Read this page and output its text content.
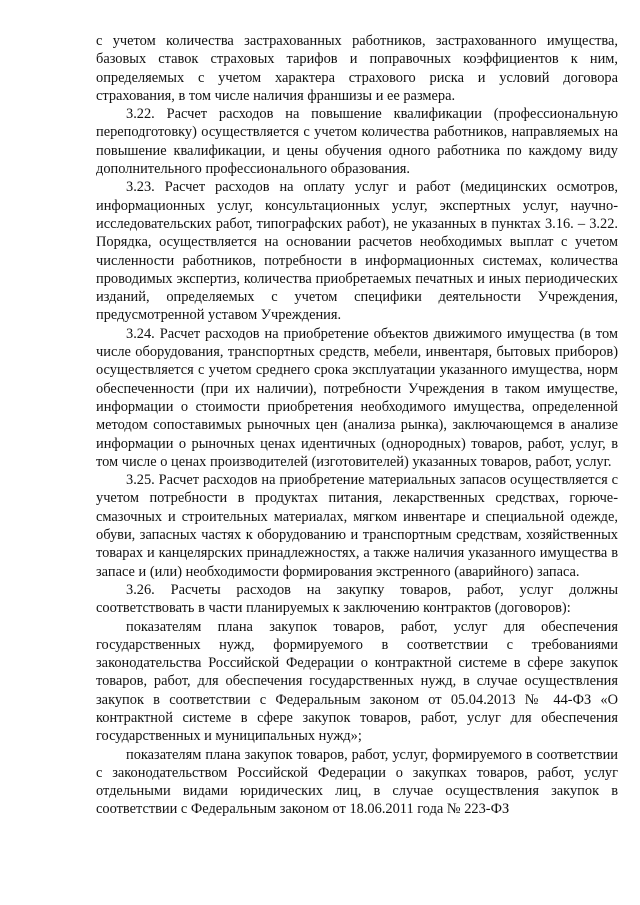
с учетом количества застрахованных работников, застрахованного имущества, базовых ставок страховых тарифов и поправочных коэффициентов к ним, определяемых с учетом характера страхового риска и условий договора страхования, в том числе наличия франшизы и ее размера.

3.22. Расчет расходов на повышение квалификации (профессиональную переподготовку) осуществляется с учетом количества работников, направляемых на повышение квалификации, и цены обучения одного работника по каждому виду дополнительного профессионального образования.

3.23. Расчет расходов на оплату услуг и работ (медицинских осмотров, информационных услуг, консультационных услуг, экспертных услуг, научно-исследовательских работ, типографских работ), не указанных в пунктах 3.16. – 3.22. Порядка, осуществляется на основании расчетов необходимых выплат с учетом численности работников, потребности в информационных системах, количества проводимых экспертиз, количества приобретаемых печатных и иных периодических изданий, определяемых с учетом специфики деятельности Учреждения, предусмотренной уставом Учреждения.

3.24. Расчет расходов на приобретение объектов движимого имущества (в том числе оборудования, транспортных средств, мебели, инвентаря, бытовых приборов) осуществляется с учетом среднего срока эксплуатации указанного имущества, норм обеспеченности (при их наличии), потребности Учреждения в таком имуществе, информации о стоимости приобретения необходимого имущества, определенной методом сопоставимых рыночных цен (анализа рынка), заключающемся в анализе информации о рыночных ценах идентичных (однородных) товаров, работ, услуг, в том числе о ценах производителей (изготовителей) указанных товаров, работ, услуг.

3.25. Расчет расходов на приобретение материальных запасов осуществляется с учетом потребности в продуктах питания, лекарственных средствах, горюче-смазочных и строительных материалах, мягком инвентаре и специальной одежде, обуви, запасных частях к оборудованию и транспортным средствам, хозяйственных товарах и канцелярских принадлежностях, а также наличия указанного имущества в запасе и (или) необходимости формирования экстренного (аварийного) запаса.

3.26. Расчеты расходов на закупку товаров, работ, услуг должны соответствовать в части планируемых к заключению контрактов (договоров):

показателям плана закупок товаров, работ, услуг для обеспечения государственных нужд, формируемого в соответствии с требованиями законодательства Российской Федерации о контрактной системе в сфере закупок товаров, работ, для обеспечения государственных нужд, в случае осуществления закупок в соответствии с Федеральным законом от 05.04.2013 № 44-ФЗ «О контрактной системе в сфере закупок товаров, работ, услуг для обеспечения государственных и муниципальных нужд»;

показателям плана закупок товаров, работ, услуг, формируемого в соответствии с законодательством Российской Федерации о закупках товаров, работ, услуг отдельными видами юридических лиц, в случае осуществления закупок в соответствии с Федеральным законом от 18.06.2011 года № 223-ФЗ
